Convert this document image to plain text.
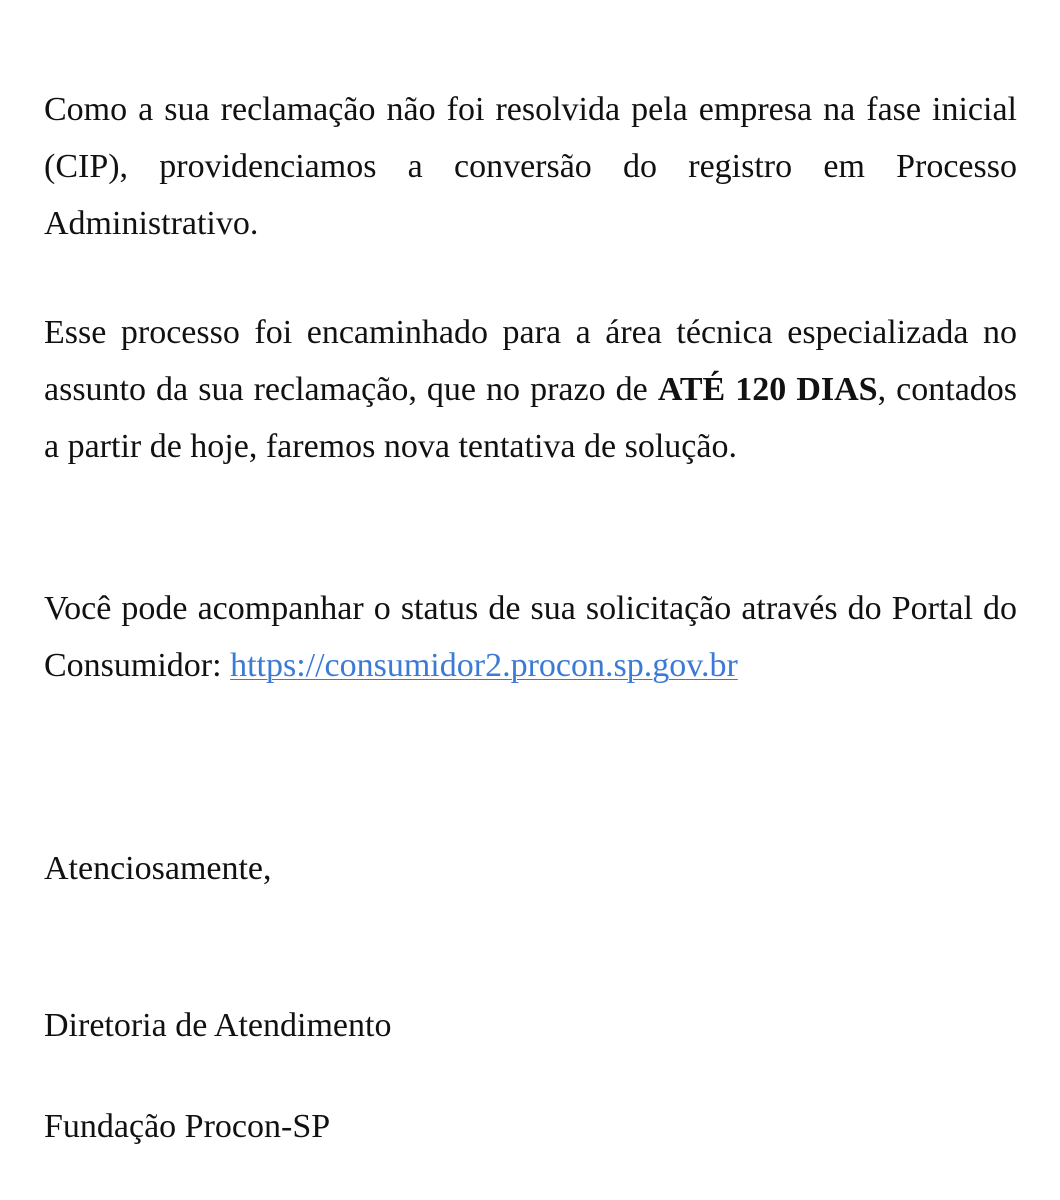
Como a sua reclamação não foi resolvida pela empresa na fase inicial (CIP), providenciamos a conversão do registro em Processo Administrativo.

Esse processo foi encaminhado para a área técnica especializada no assunto da sua reclamação, que no prazo de ATÉ 120 DIAS, contados a partir de hoje, faremos nova tentativa de solução.

Você pode acompanhar o status de sua solicitação através do Portal do Consumidor: https://consumidor2.procon.sp.gov.br

Atenciosamente,

Diretoria de Atendimento

Fundação Procon-SP
